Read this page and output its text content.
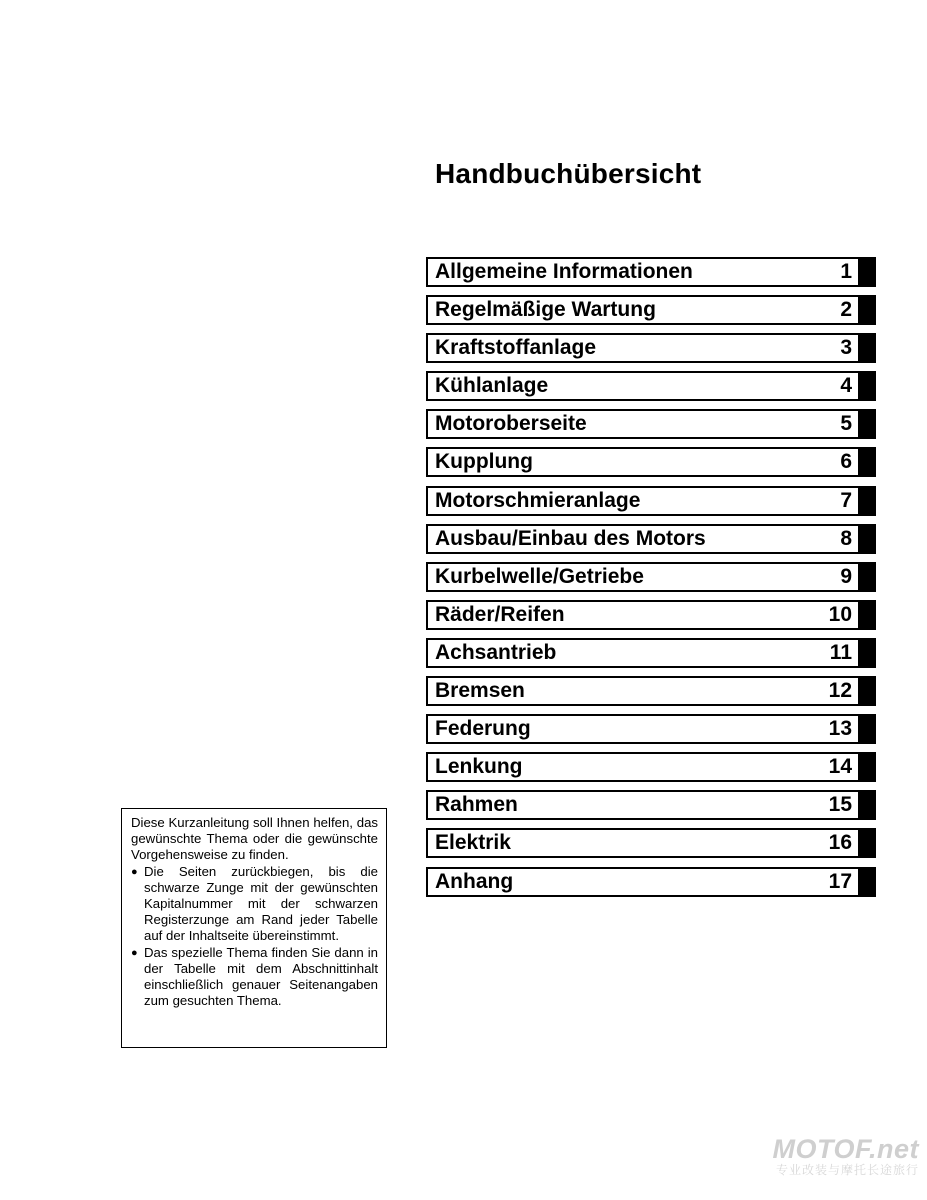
Handbuchübersicht
Allgemeine Informationen	1
Regelmäßige Wartung	2
Kraftstoffanlage	3
Kühlanlage	4
Motoroberseite	5
Kupplung	6
Motorschmieranlage	7
Ausbau/Einbau des Motors	8
Kurbelwelle/Getriebe	9
Räder/Reifen	10
Achsantrieb	11
Bremsen	12
Federung	13
Lenkung	14
Rahmen	15
Elektrik	16
Anhang	17

Diese Kurzanleitung soll Ihnen helfen, das gewünschte Thema oder die gewünschte Vorgehensweise zu finden.

● Die Seiten zurückbiegen, bis die schwarze Zunge mit der gewünschten Kapitalnummer mit der schwarzen Registerzunge am Rand jeder Tabelle auf der Inhaltseite übereinstimmt.
● Das spezielle Thema finden Sie dann in der Tabelle mit dem Abschnittinhalt einschließlich genauer Seitenangaben zum gesuchten Thema.
MOTOF.net
专业改装与摩托长途旅行
